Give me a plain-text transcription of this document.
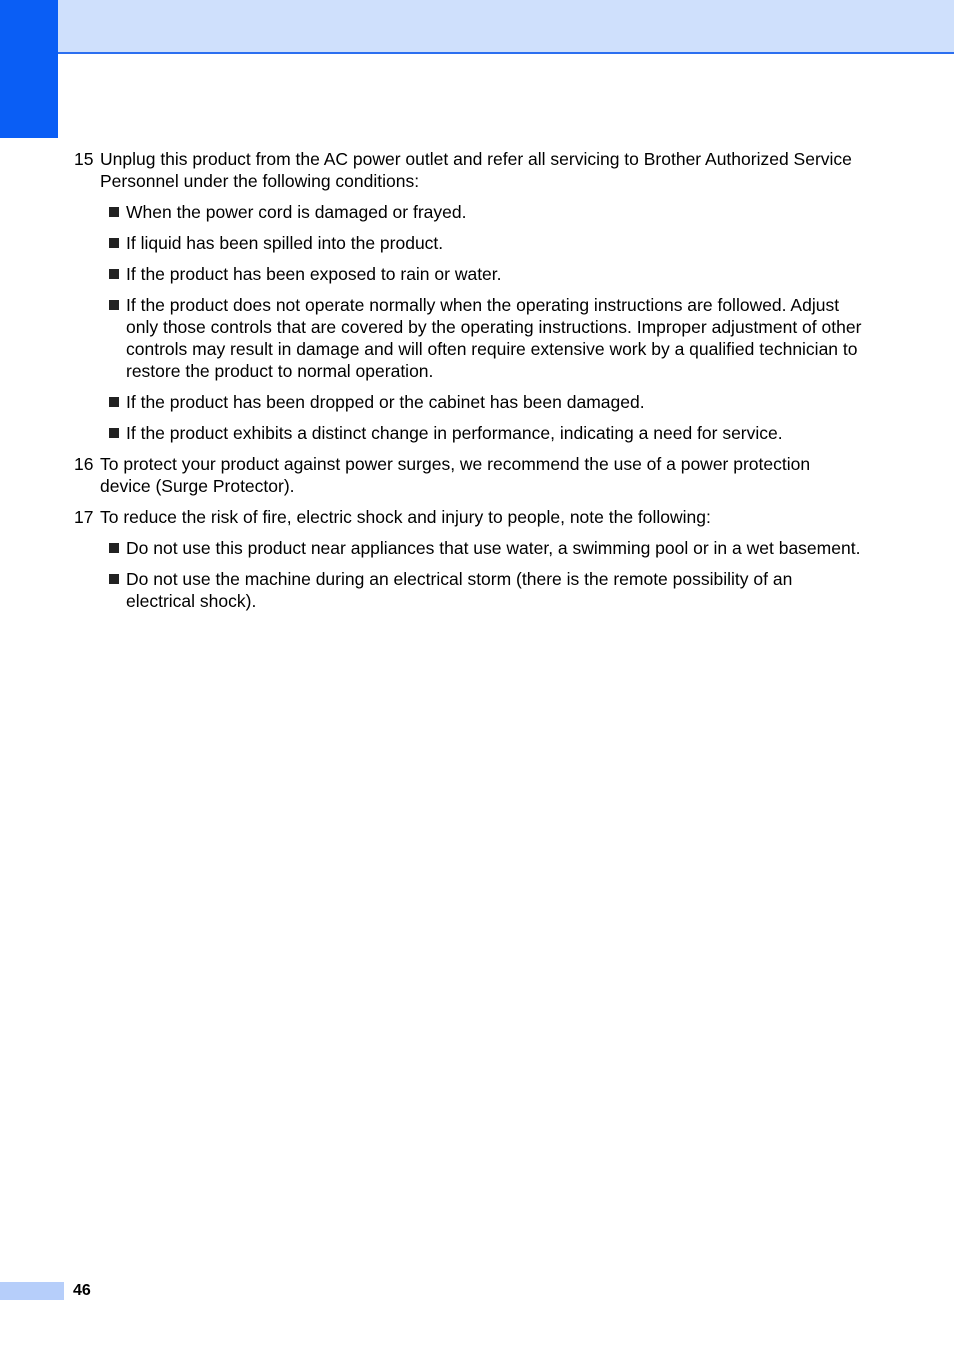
15 Unplug this product from the AC power outlet and refer all servicing to Brother Authorized Service Personnel under the following conditions:
When the power cord is damaged or frayed.
If liquid has been spilled into the product.
If the product has been exposed to rain or water.
If the product does not operate normally when the operating instructions are followed. Adjust only those controls that are covered by the operating instructions. Improper adjustment of other controls may result in damage and will often require extensive work by a qualified technician to restore the product to normal operation.
If the product has been dropped or the cabinet has been damaged.
If the product exhibits a distinct change in performance, indicating a need for service.
16 To protect your product against power surges, we recommend the use of a power protection device (Surge Protector).
17 To reduce the risk of fire, electric shock and injury to people, note the following:
Do not use this product near appliances that use water, a swimming pool or in a wet basement.
Do not use the machine during an electrical storm (there is the remote possibility of an electrical shock).
46
